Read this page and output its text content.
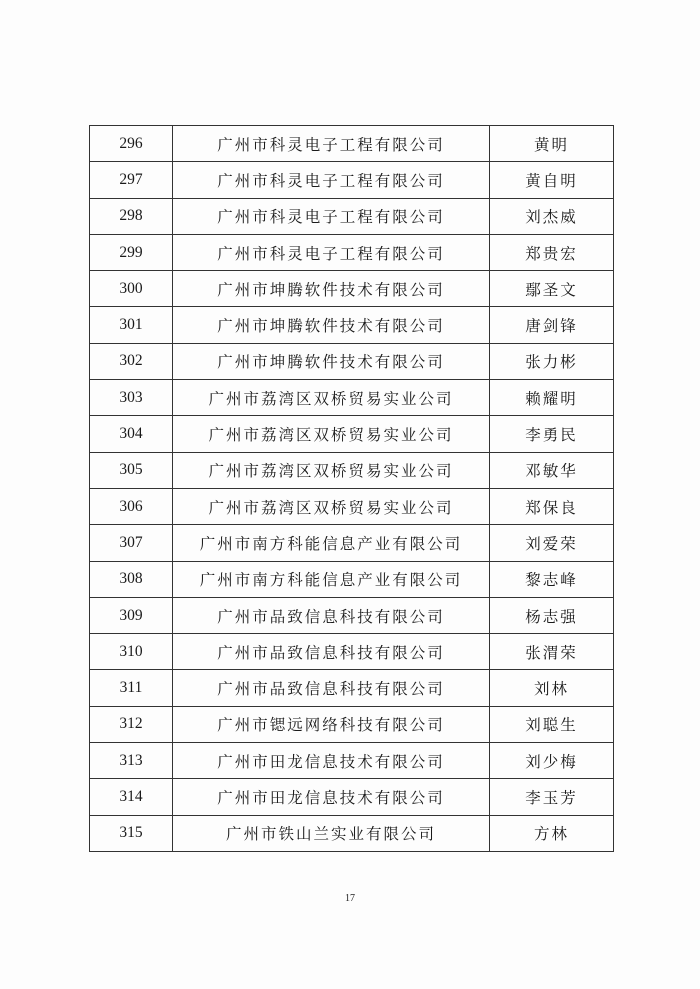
296	广州市科灵电子工程有限公司	黄明
297	广州市科灵电子工程有限公司	黄自明
298	广州市科灵电子工程有限公司	刘杰威
299	广州市科灵电子工程有限公司	郑贵宏
300	广州市坤腾软件技术有限公司	鄢圣文
301	广州市坤腾软件技术有限公司	唐剑锋
302	广州市坤腾软件技术有限公司	张力彬
303	广州市荔湾区双桥贸易实业公司	赖耀明
304	广州市荔湾区双桥贸易实业公司	李勇民
305	广州市荔湾区双桥贸易实业公司	邓敏华
306	广州市荔湾区双桥贸易实业公司	郑保良
307	广州市南方科能信息产业有限公司	刘爱荣
308	广州市南方科能信息产业有限公司	黎志峰
309	广州市品致信息科技有限公司	杨志强
310	广州市品致信息科技有限公司	张渭荣
311	广州市品致信息科技有限公司	刘林
312	广州市锶远网络科技有限公司	刘聪生
313	广州市田龙信息技术有限公司	刘少梅
314	广州市田龙信息技术有限公司	李玉芳
315	广州市铁山兰实业有限公司	方林
17
